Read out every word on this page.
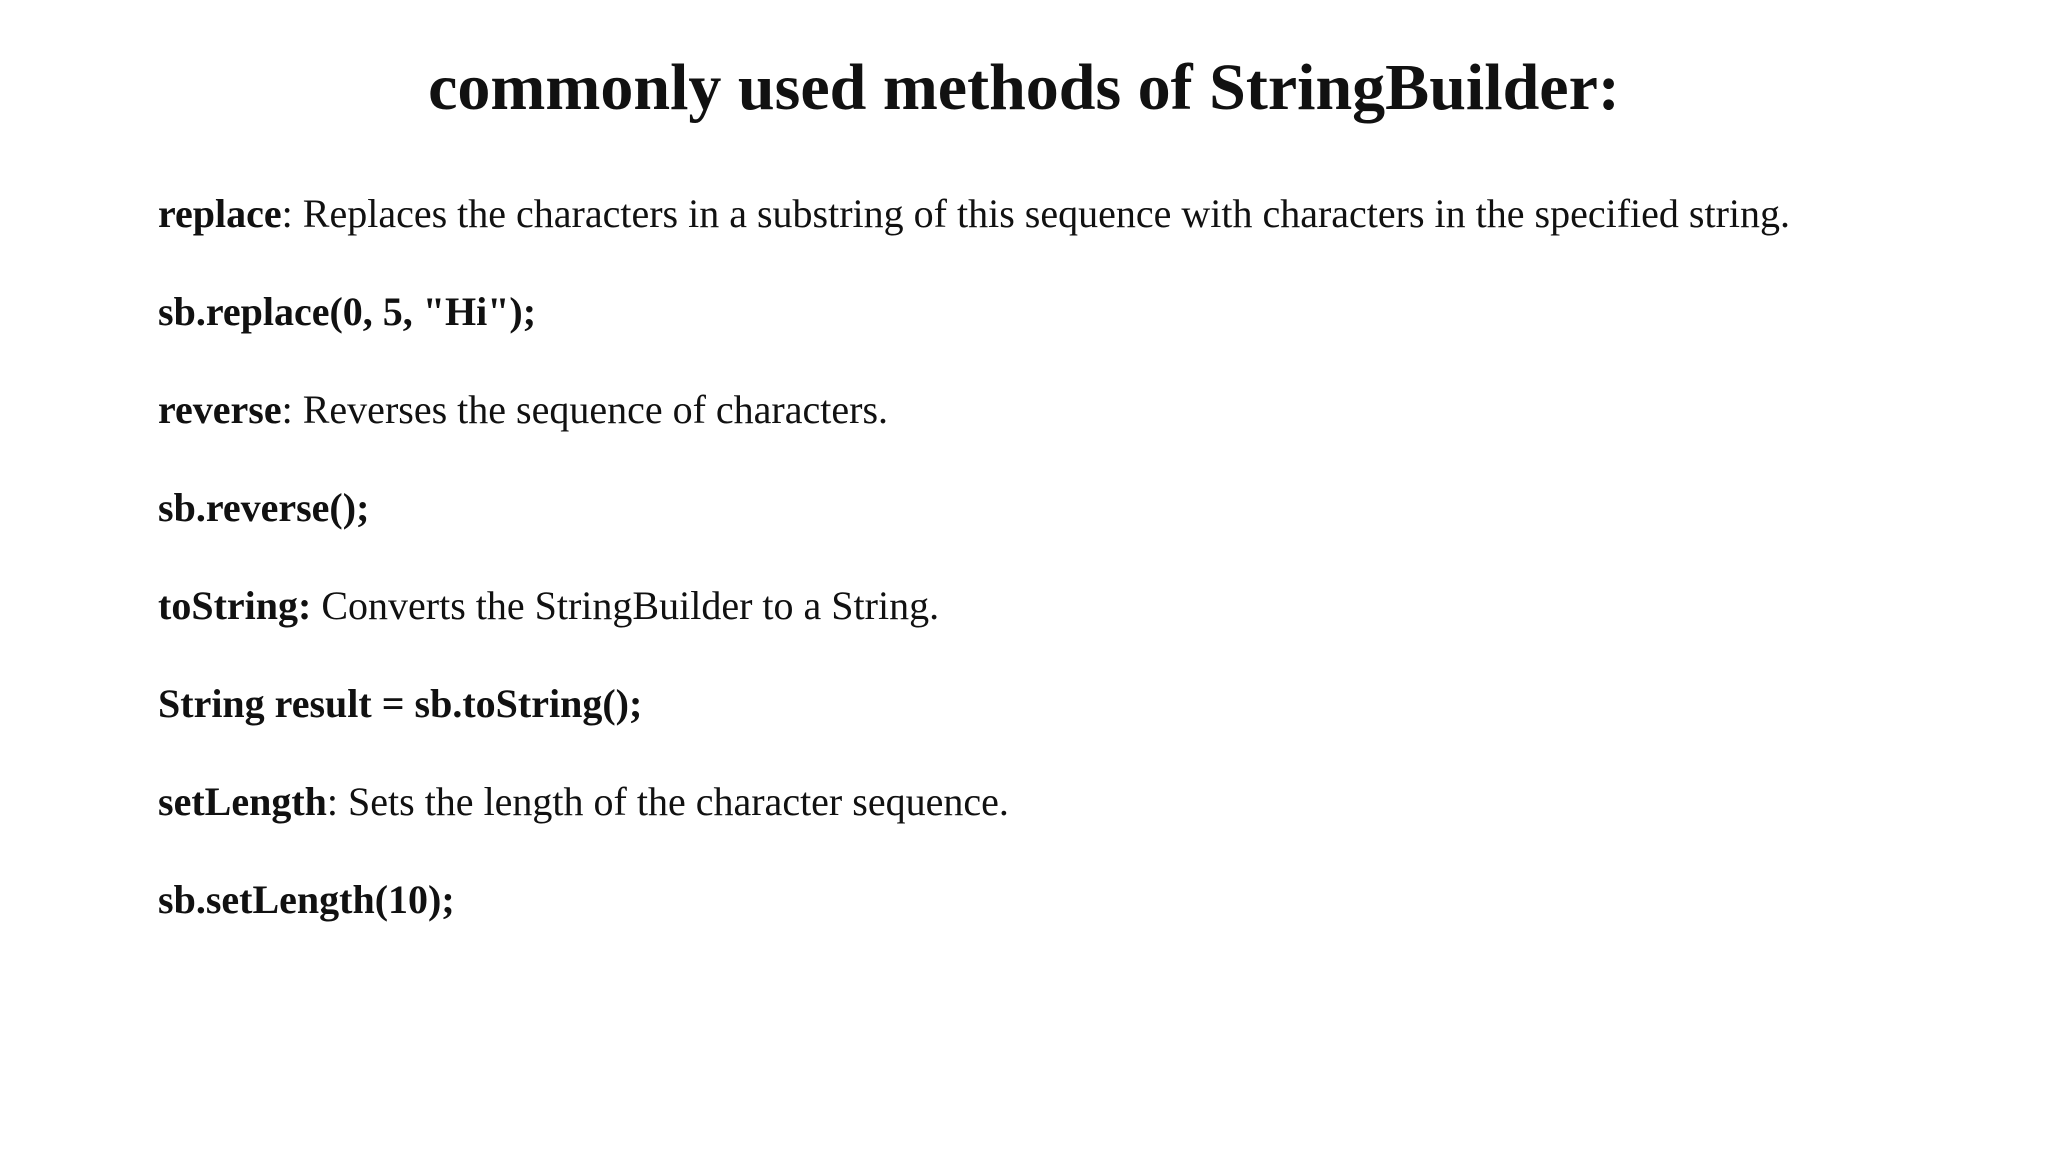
commonly used methods of StringBuilder:

replace: Replaces the characters in a substring of this sequence with characters in the specified string.

sb.replace(0, 5, "Hi");

reverse: Reverses the sequence of characters.

sb.reverse();

toString: Converts the StringBuilder to a String.

String result = sb.toString();

setLength: Sets the length of the character sequence.

sb.setLength(10);
